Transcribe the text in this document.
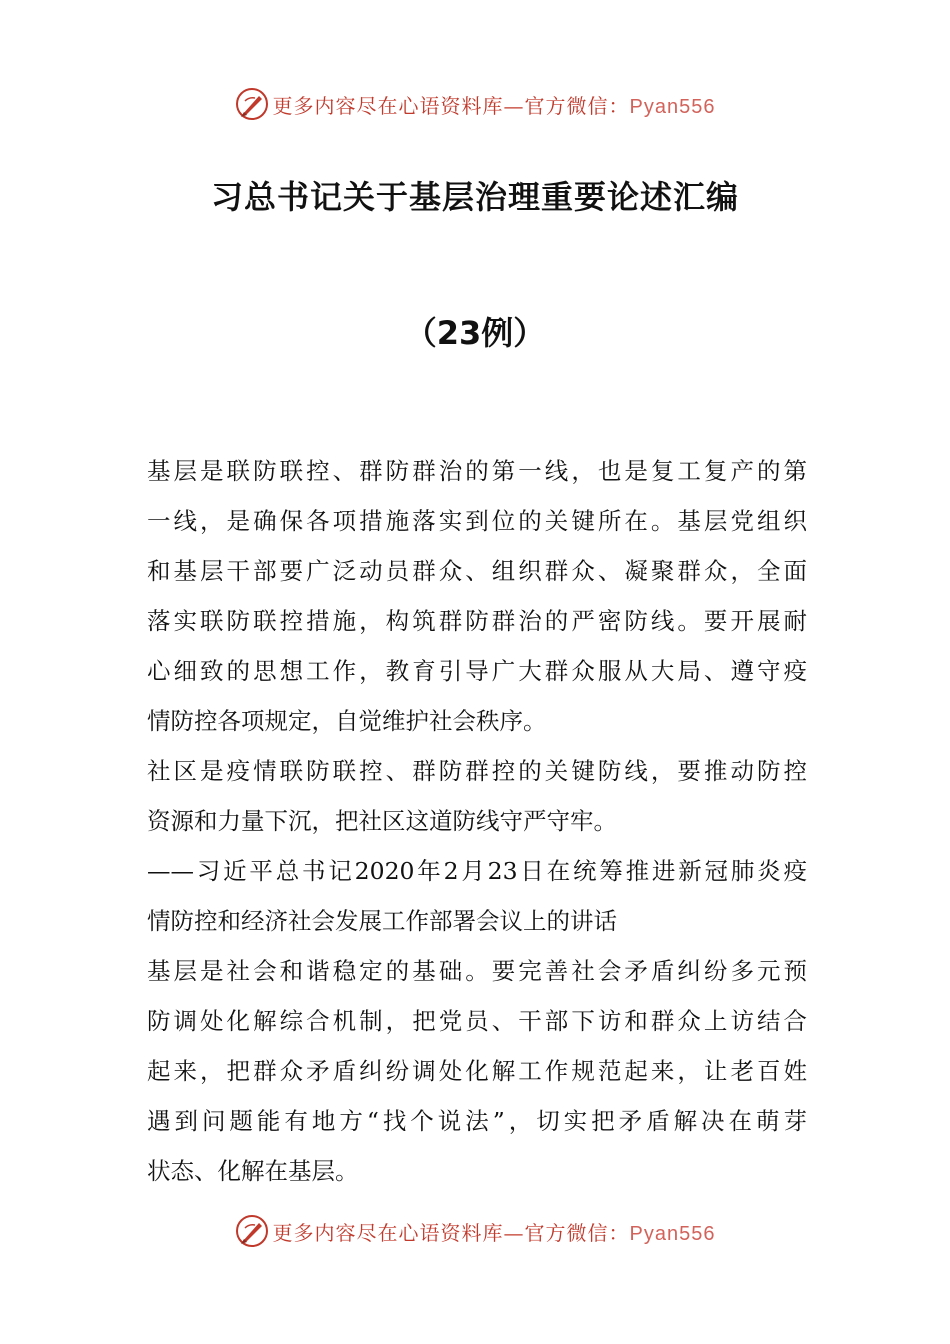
更多内容尽在心语资料库—官方微信：Pyan556
习总书记关于基层治理重要论述汇编
（23例）
基层是联防联控、群防群治的第一线，也是复工复产的第
一线，是确保各项措施落实到位的关键所在。基层党组织
和基层干部要广泛动员群众、组织群众、凝聚群众，全面
落实联防联控措施，构筑群防群治的严密防线。要开展耐
心细致的思想工作，教育引导广大群众服从大局、遵守疫
情防控各项规定，自觉维护社会秩序。
社区是疫情联防联控、群防群控的关键防线，要推动防控
资源和力量下沉，把社区这道防线守严守牢。
——习近平总书记2020年2月23日在统筹推进新冠肺炎疫
情防控和经济社会发展工作部署会议上的讲话
基层是社会和谐稳定的基础。要完善社会矛盾纠纷多元预
防调处化解综合机制，把党员、干部下访和群众上访结合
起来，把群众矛盾纠纷调处化解工作规范起来，让老百姓
遇到问题能有地方“找个说法”，切实把矛盾解决在萌芽
状态、化解在基层。
更多内容尽在心语资料库—官方微信：Pyan556
